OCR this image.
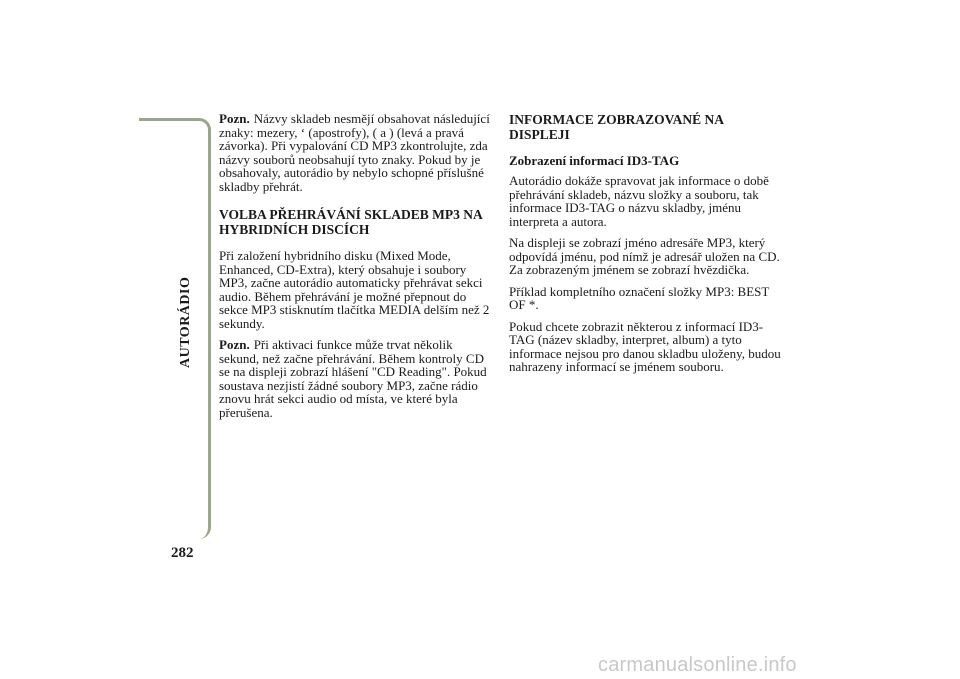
AUTORÁDIO
282

Pozn. Názvy skladeb nesmějí obsahovat následující znaky: mezery, ‘ (apostrofy), ( a ) (levá a pravá závorka). Při vypalování CD MP3 zkontrolujte, zda názvy souborů neobsahují tyto znaky. Pokud by je obsahovaly, autorádio by nebylo schopné příslušné skladby přehrát.

VOLBA PŘEHRÁVÁNÍ SKLADEB MP3 NA HYBRIDNÍCH DISCÍCH

Při založení hybridního disku (Mixed Mode, Enhanced, CD-Extra), který obsahuje i soubory MP3, začne autorádio automaticky přehrávat sekci audio. Během přehrávání je možné přepnout do sekce MP3 stisknutím tlačítka MEDIA delším než 2 sekundy.

Pozn. Při aktivaci funkce může trvat několik sekund, než začne přehrávání. Během kontroly CD se na displeji zobrazí hlášení "CD Reading". Pokud soustava nezjistí žádné soubory MP3, začne rádio znovu hrát sekci audio od místa, ve které byla přerušena.

INFORMACE ZOBRAZOVANÉ NA DISPLEJI
Zobrazení informací ID3-TAG

Autorádio dokáže spravovat jak informace o době přehrávání skladeb, názvu složky a souboru, tak informace ID3-TAG o názvu skladby, jménu interpreta a autora.

Na displeji se zobrazí jméno adresáře MP3, který odpovídá jménu, pod nímž je adresář uložen na CD. Za zobrazeným jménem se zobrazí hvězdička.

Příklad kompletního označení složky MP3: BEST OF *.

Pokud chcete zobrazit některou z informací ID3-TAG (název skladby, interpret, album) a tyto informace nejsou pro danou skladbu uloženy, budou nahrazeny informací se jménem souboru.

carmanualsonline.info
